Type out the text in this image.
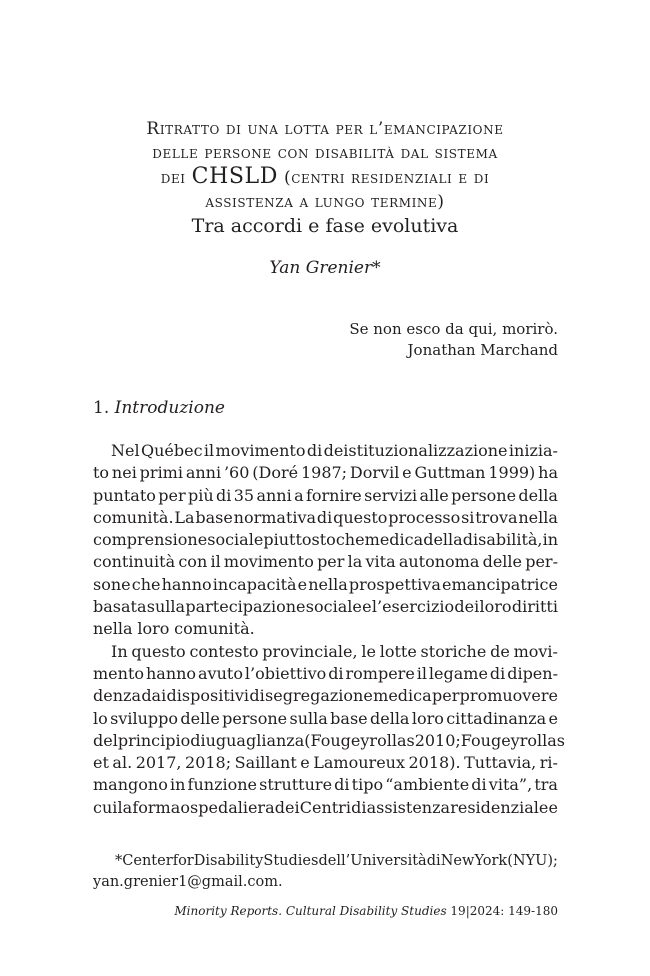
Ritratto di una lotta per l’emancipazione
delle persone con disabilità dal sistema
dei CHSLD (centri residenziali e di
assistenza a lungo termine)
Tra accordi e fase evolutiva
Yan Grenier*
Se non esco da qui, morirò.
Jonathan Marchand
1. Introduzione
Nel Québec il movimento di deistituzionalizzazione inizia-
to nei primi anni ’60 (Doré 1987; Dorvil e Guttman 1999) ha
puntato per più di 35 anni a fornire servizi alle persone della
comunità. La base normativa di questo processo si trova nella
comprensione sociale piuttosto che medica della disabilità, in
continuità con il movimento per la vita autonoma delle per-
sone che hanno incapacità e nella prospettiva emancipatrice
basata sulla partecipazione sociale e l’esercizio dei loro diritti
nella loro comunità.
In questo contesto provinciale, le lotte storiche de movi-
mento hanno avuto l’obiettivo di rompere il legame di dipen-
denza dai dispositivi di segregazione medica per promuovere
lo sviluppo delle persone sulla base della loro cittadinanza e
del principio di uguaglianza (Fougeyrollas 2010; Fougeyrollas
et al. 2017, 2018; Saillant e Lamoureux 2018). Tuttavia, ri-
mangono in funzione strutture di tipo “ambiente di vita”, tra
cui la forma ospedaliera dei Centri di assistenza residenziale e
* Center for Disability Studies dell’Università di New York (NYU);
yan.grenier1@gmail.com.
Minority Reports. Cultural Disability Studies 19|2024: 149-180
